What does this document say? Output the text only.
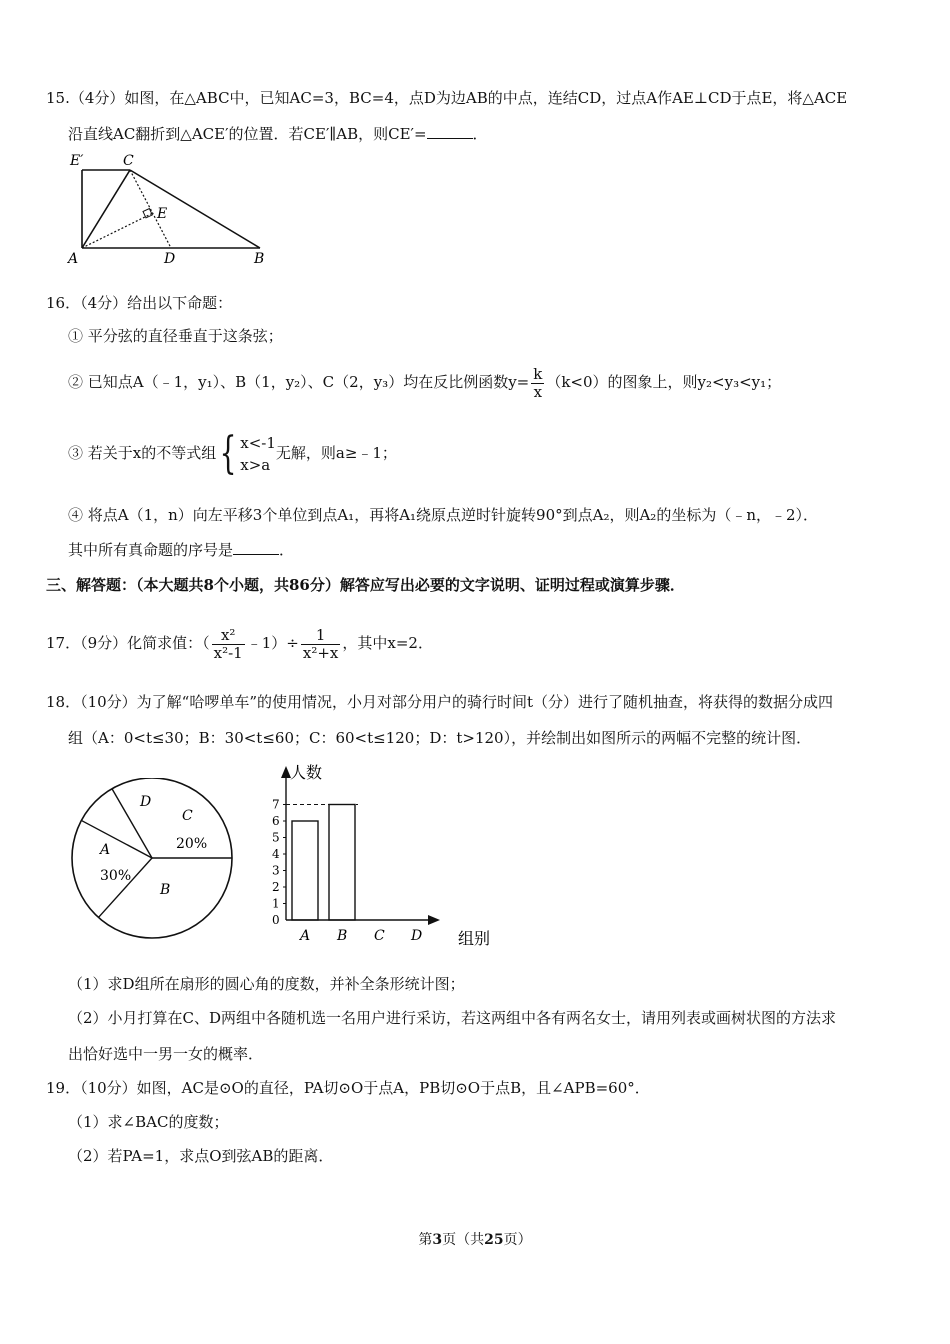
15.（4分）如图，在△ABC中，已知AC=3，BC=4，点D为边AB的中点，连结CD，过点A作AE⊥CD于点E，将△ACE
沿直线AC翻折到△ACE′的位置．若CE′∥AB，则CE′=	．
E′	C
E
A	D	B
16．（4分）给出以下命题：
① 平分弦的直径垂直于这条弦；
② 已知点A（﹣1，y₁）、B（1，y₂）、C（2，y₃）均在反比例函数$y= \frac{k}{x} (k<0)$的图象上，则y₂<y₃<y₁；
③ 若关于x的不等式组{ x<-1
x>a
无解，则a≥﹣1；
④ 将点A（1，n）向左平移3个单位到点A₁，再将A₁绕原点逆时针旋转90°到点A₂，则A₂的坐标为（﹣n，﹣2）．
其中所有真命题的序号是	．
三、解答题：（本大题共8个小题，共86分）解答应写出必要的文字说明、证明过程或演算步骤．
17．（9分）化简求值：（ $\frac{\text{x²}}{\text{x²-1}}$ ﹣1）÷ $\frac{1}{\text{x²+x}}$ ，其中x=2．
18．（10分）为了解“哈啰单车”的使用情况，小月对部分用户的骑行时间t（分）进行了随机抽查，将获得的数据分成四
组（A：0<t≤30；B：30<t≤60；C：60<t≤120；D：t>120），并绘制出如图所示的两幅不完整的统计图．
A
30%
B
C
20%
D
人数
组别
0
1
2
3
4
5
6
7
A B C D
（1）求D组所在扇形的圆心角的度数，并补全条形统计图；
（2）小月打算在C、D两组中各随机选一名用户进行采访，若这两组中各有两名女士，请用列表或画树状图的方法求
出恰好选中一男一女的概率．
19．（10分）如图，AC是⊙O的直径，PA切⊙O于点A，PB切⊙O于点B，且∠APB=60°．
（1）求∠BAC的度数；
（2）若PA=1，求点O到弦AB的距离．
第3页（共25页）
